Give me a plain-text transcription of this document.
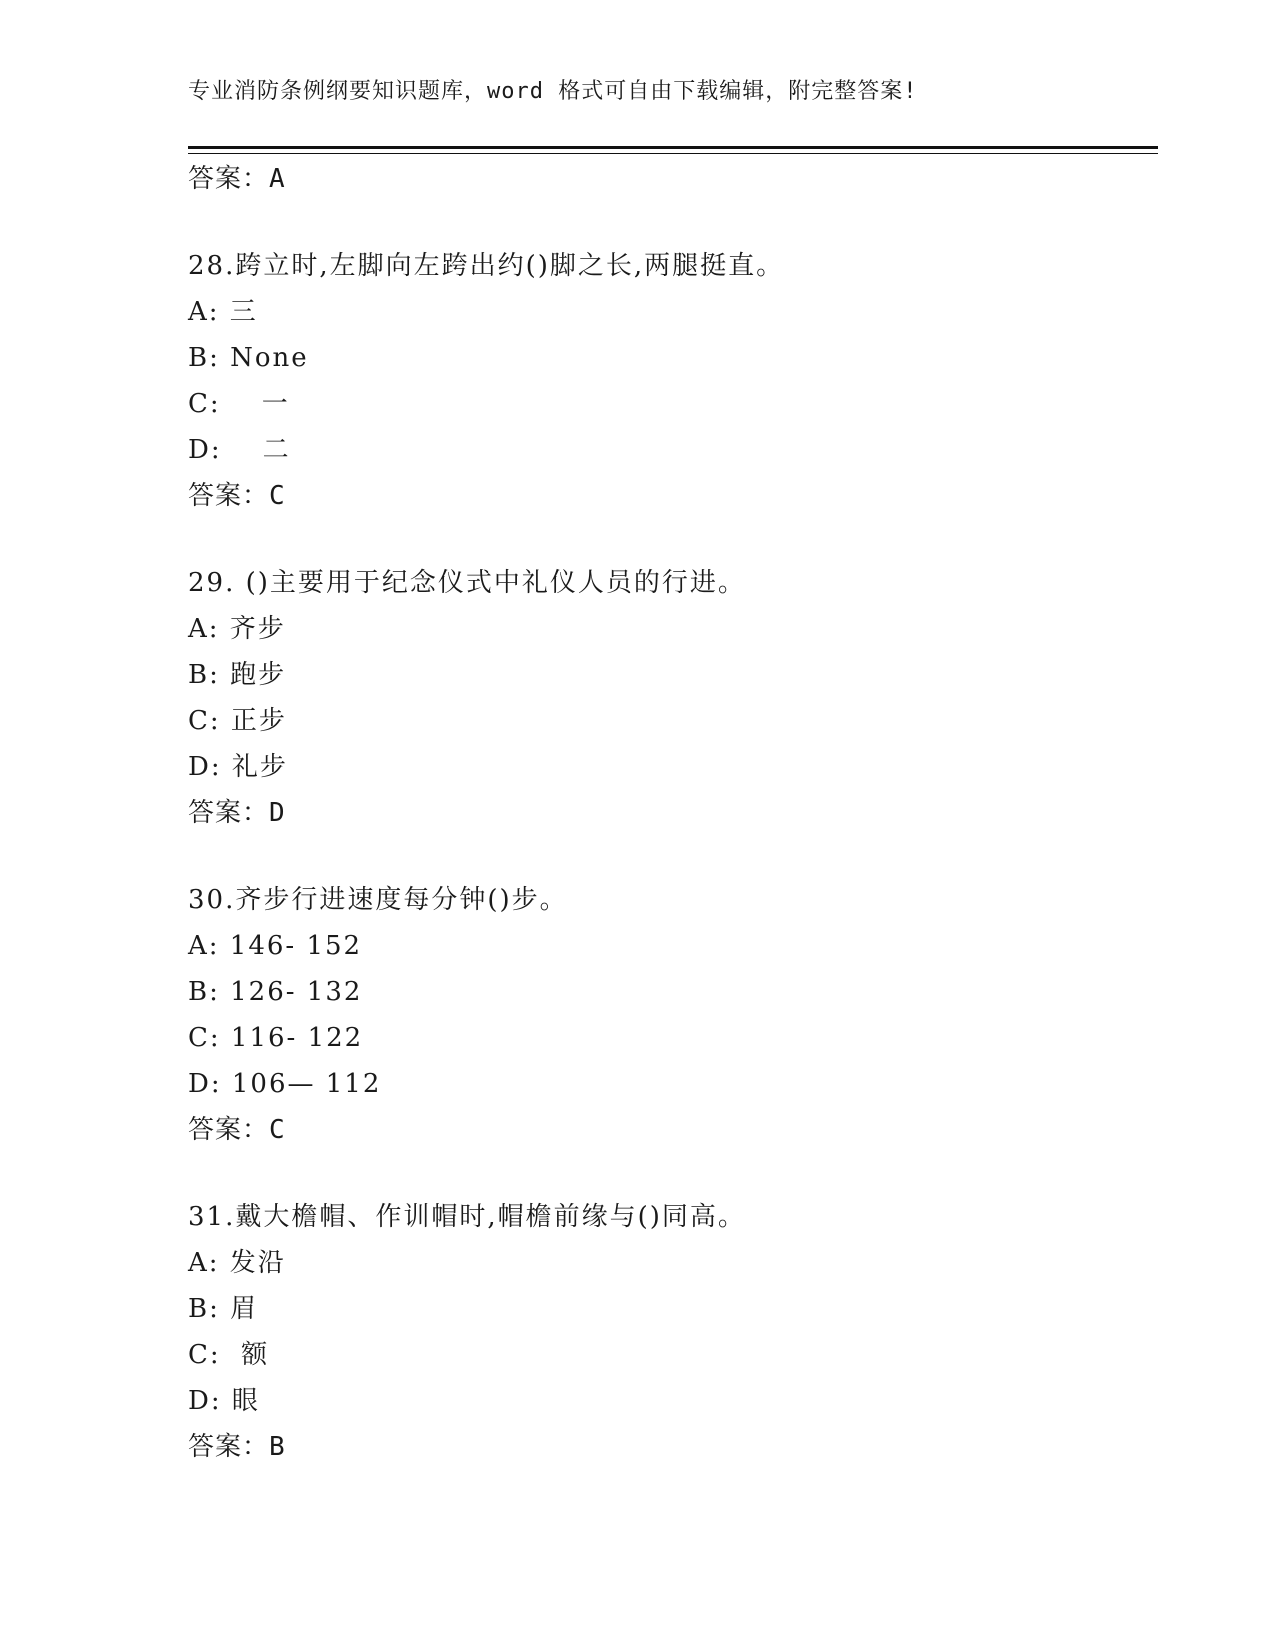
专业消防条例纲要知识题库，word 格式可自由下载编辑，附完整答案!
答案：A
28.跨立时,左脚向左跨出约()脚之长,两腿挺直。
A: 三
B: None
C:    一
D:    二
答案：C
29. ()主要用于纪念仪式中礼仪人员的行进。
A: 齐步
B: 跑步
C: 正步
D: 礼步
答案：D
30.齐步行进速度每分钟()步。
A: 146- 152
B: 126- 132
C: 116- 122
D: 106— 112
答案：C
31.戴大檐帽、作训帽时,帽檐前缘与()同高。
A: 发沿
B: 眉
C:  额
D: 眼
答案：B
